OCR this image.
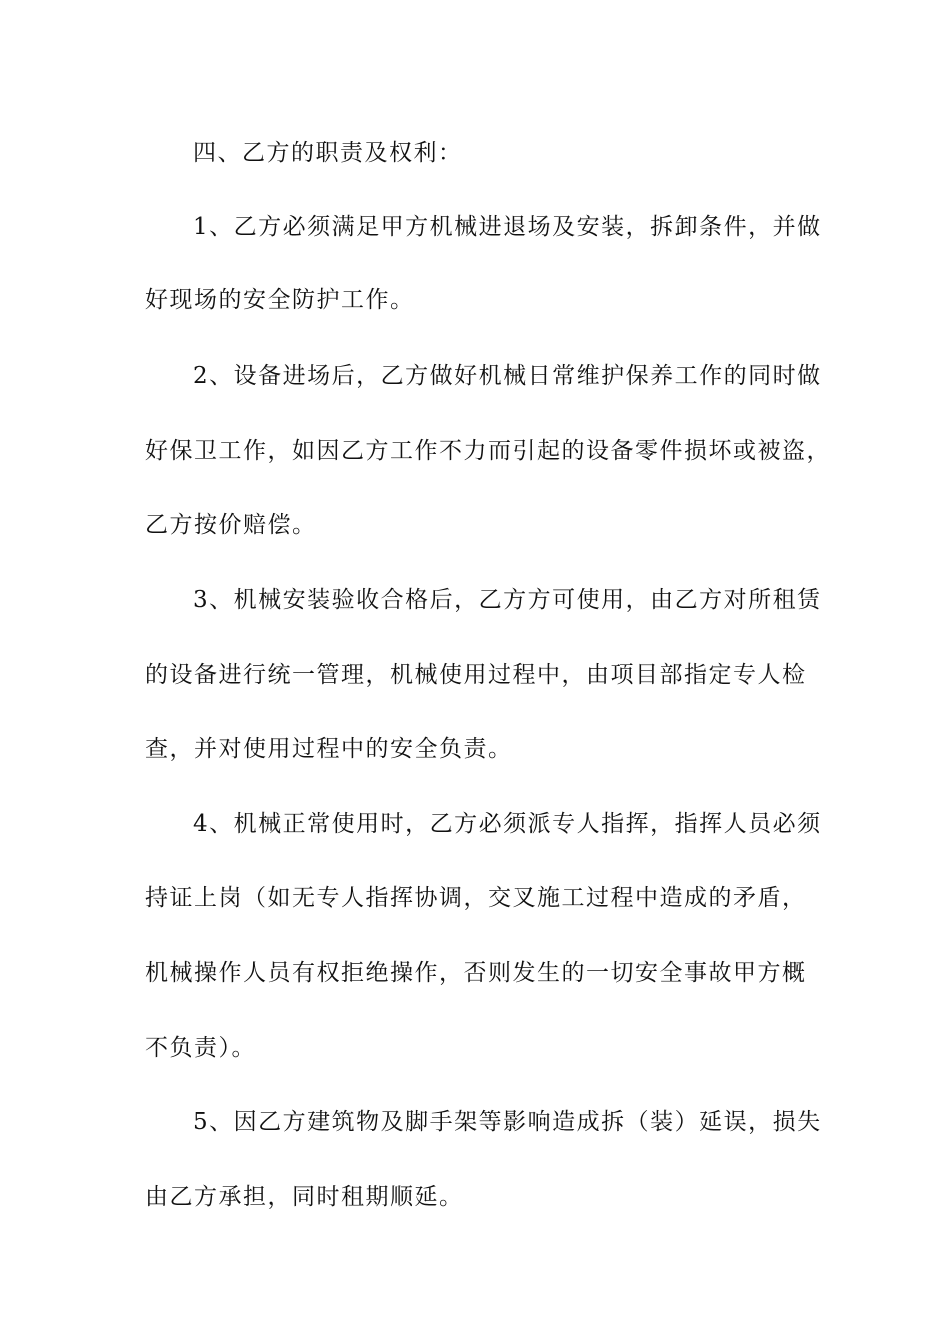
四、乙方的职责及权利：
1、乙方必须满足甲方机械进退场及安装，拆卸条件，并做
好现场的安全防护工作。
2、设备进场后，乙方做好机械日常维护保养工作的同时做
好保卫工作，如因乙方工作不力而引起的设备零件损坏或被盗，
乙方按价赔偿。
3、机械安装验收合格后，乙方方可使用，由乙方对所租赁
的设备进行统一管理，机械使用过程中，由项目部指定专人检
查，并对使用过程中的安全负责。
4、机械正常使用时，乙方必须派专人指挥，指挥人员必须
持证上岗（如无专人指挥协调，交叉施工过程中造成的矛盾，
机械操作人员有权拒绝操作，否则发生的一切安全事故甲方概
不负责）。
5、因乙方建筑物及脚手架等影响造成拆（装）延误，损失
由乙方承担，同时租期顺延。
